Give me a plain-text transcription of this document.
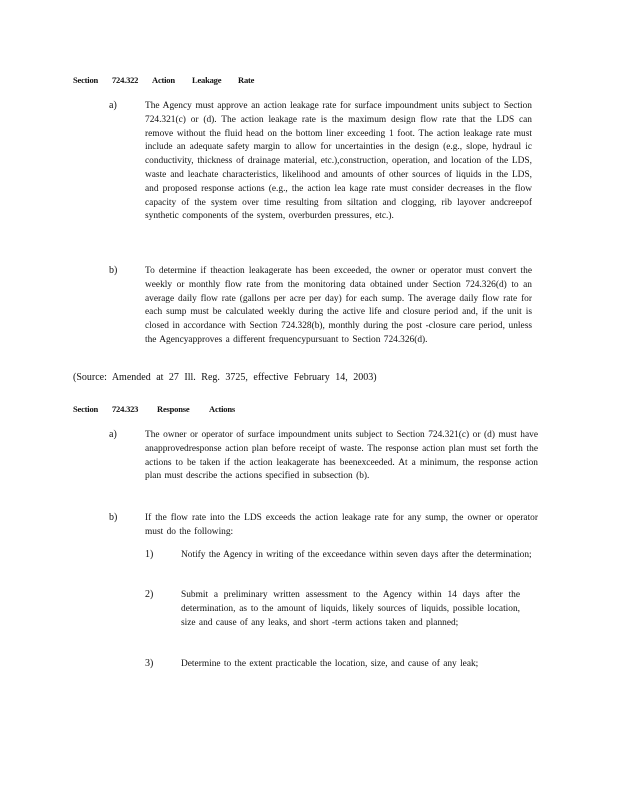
Section 724.322 Action Leakage Rate
a)	The Agency must approve an action leakage rate for surface impoundment units subject to Section 724.321(c) or (d). The action leakage rate is the maximum design flow rate that the LDS can remove without the fluid head on the bottom liner exceeding 1 foot. The action leakage rate must include an adequate safety margin to allow for uncertainties in the design (e.g., slope, hydraul ic conductivity, thickness of drainage material, etc.),construction, operation, and location of the LDS, waste and leachate characteristics, likelihood and amounts of other sources of liquids in the LDS, and proposed response actions (e.g., the action lea kage rate must consider decreases in the flow capacity of the system over time resulting from siltation and clogging, rib layover andcreepof synthetic components of the system, overburden pressures, etc.).

b)	To determine if theaction leakagerate has been exceeded, the owner or operator must convert the weekly or monthly flow rate from the monitoring data obtained under Section 724.326(d) to an average daily flow rate (gallons per acre per day) for each sump. The average daily flow rate for each sump must be calculated weekly during the active life and closure period and, if the unit is closed in accordance with Section 724.328(b), monthly during the post -closure care period, unless the Agencyapproves a different frequencypursuant to Section 724.326(d).

(Source: Amended at 27 Ill. Reg. 3725, effective February 14, 2003)
Section 724.323 Response Actions
a)	The owner or operator of surface impoundment units subject to Section 724.321(c) or (d) must have anapprovedresponse action plan before receipt of waste. The response action plan must set forth the actions to be taken if the action leakagerate has beenexceeded. At a minimum, the response action plan must describe the actions specified in subsection (b).

b)	If the flow rate into the LDS exceeds the action leakage rate for any sump, the owner or operator must do the following:

1)	Notify the Agency in writing of the exceedance within seven days after the determination;

2)	Submit a preliminary written assessment to the Agency within 14 days after the determination, as to the amount of liquids, likely sources of liquids, possible location, size and cause of any leaks, and short -term actions taken and planned;

3)	Determine to the extent practicable the location, size, and cause of any leak;
